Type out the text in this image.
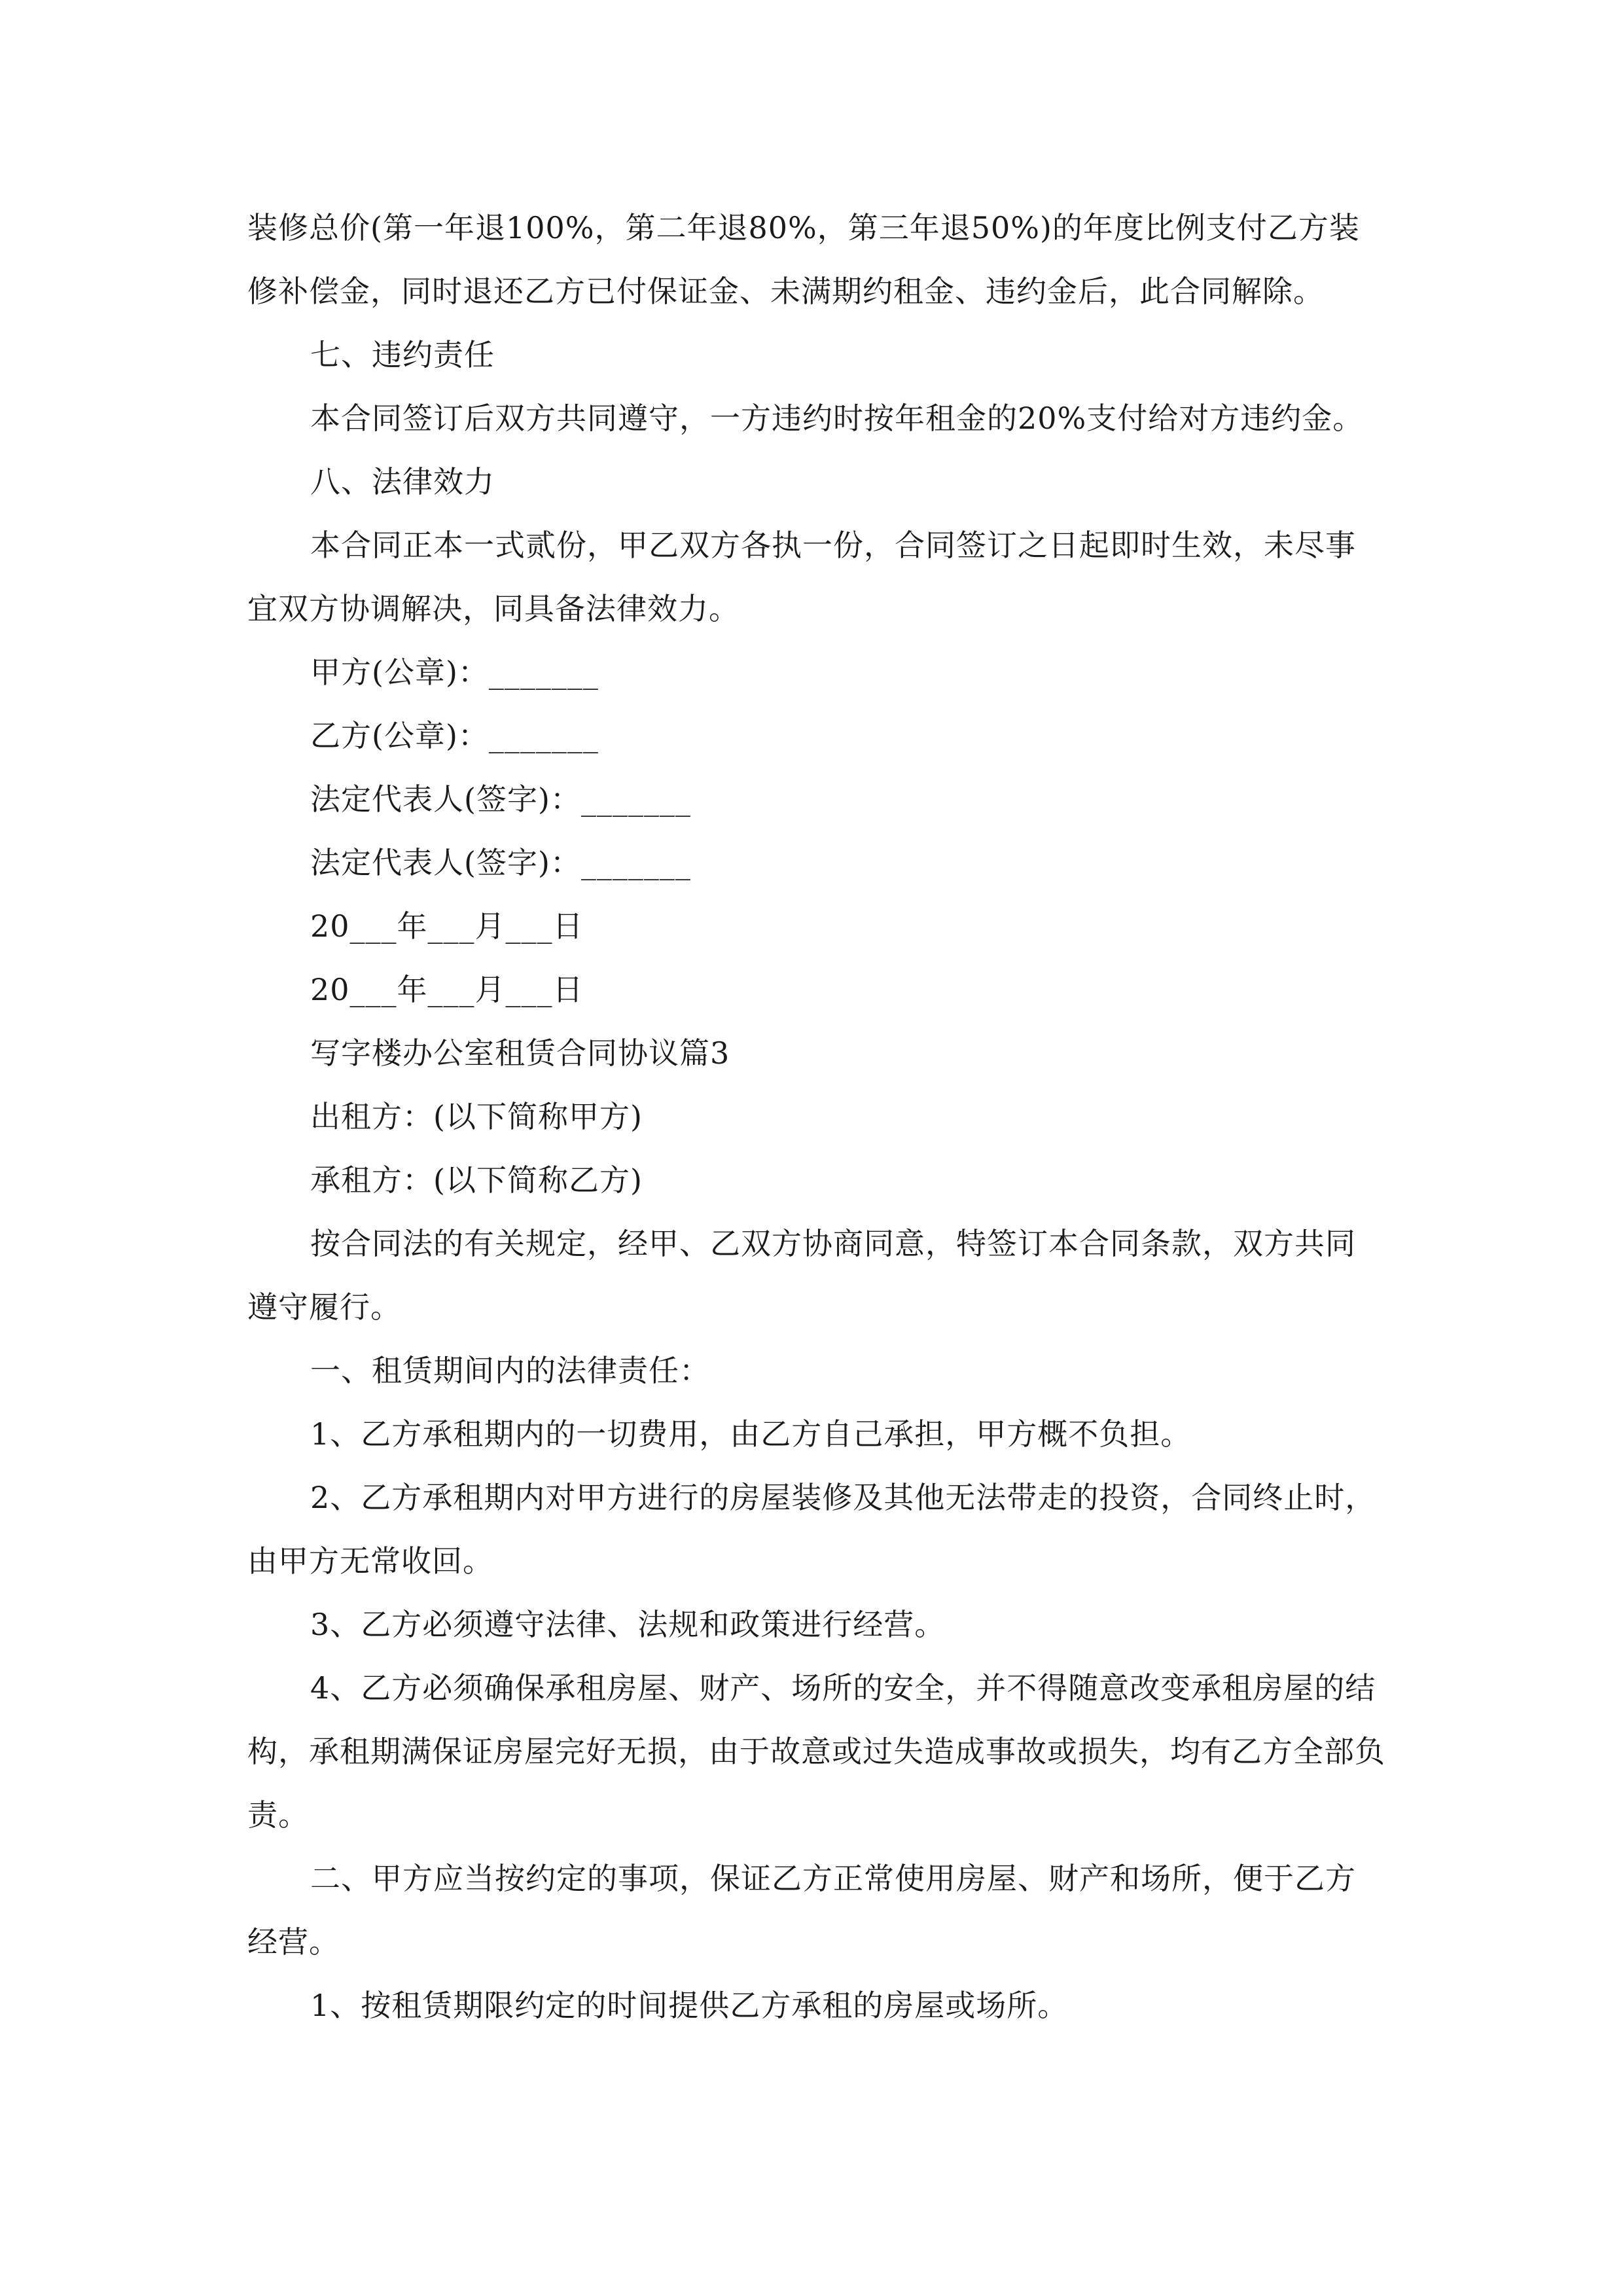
装修总价(第一年退100%，第二年退80%，第三年退50%)的年度比例支付乙方装修补偿金，同时退还乙方已付保证金、未满期约租金、违约金后，此合同解除。

七、违约责任

本合同签订后双方共同遵守，一方违约时按年租金的20%支付给对方违约金。

八、法律效力

本合同正本一式贰份，甲乙双方各执一份，合同签订之日起即时生效，未尽事宜双方协调解决，同具备法律效力。

甲方(公章)：_______

乙方(公章)：_______

法定代表人(签字)：_______

法定代表人(签字)：_______

20___年___月___日

20___年___月___日

写字楼办公室租赁合同协议篇3

出租方：(以下简称甲方)

承租方：(以下简称乙方)

按合同法的有关规定，经甲、乙双方协商同意，特签订本合同条款，双方共同遵守履行。

一、租赁期间内的法律责任：

1、乙方承租期内的一切费用，由乙方自己承担，甲方概不负担。

2、乙方承租期内对甲方进行的房屋装修及其他无法带走的投资，合同终止时，由甲方无常收回。

3、乙方必须遵守法律、法规和政策进行经营。

4、乙方必须确保承租房屋、财产、场所的安全，并不得随意改变承租房屋的结构，承租期满保证房屋完好无损，由于故意或过失造成事故或损失，均有乙方全部负责。

二、甲方应当按约定的事项，保证乙方正常使用房屋、财产和场所，便于乙方经营。

1、按租赁期限约定的时间提供乙方承租的房屋或场所。
